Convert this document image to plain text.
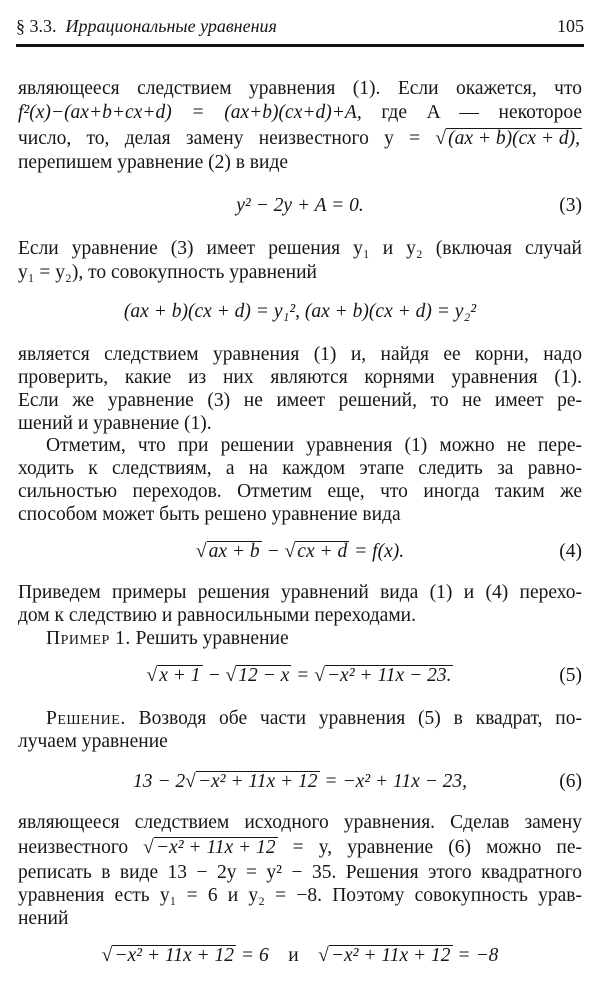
§ 3.3. Иррациональные уравнения	105
являющееся следствием уравнения (1). Если окажется, что
f²(x)−(ax+b+cx+d) = (ax+b)(cx+d)+A, где A — некоторое
число, то, делая замену неизвестного y = √ (ax + b)(cx + d),
перепишем уравнение (2) в виде
y² − 2y + A = 0.	(3)
Если уравнение (3) имеет решения y₁ и y₂ (включая случай
y₁ = y₂), то совокупность уравнений
(ax + b)(cx + d) = y₁², (ax + b)(cx + d) = y₂²
является следствием уравнения (1) и, найдя ее корни, надо
проверить, какие из них являются корнями уравнения (1).
Если же уравнение (3) не имеет решений, то не имеет ре-
шений и уравнение (1).
Отметим, что при решении уравнения (1) можно не пере-
ходить к следствиям, а на каждом этапе следить за равно-
сильностью переходов. Отметим еще, что иногда таким же
способом может быть решено уравнение вида
√ ax + b − √ cx + d = f(x).	(4)
Приведем примеры решения уравнений вида (1) и (4) перехо-
дом к следствию и равносильными переходами.
Пример 1. Решить уравнение
√ x + 1 − √ 12 − x = √ −x² + 11x − 23.	(5)
Решение. Возводя обе части уравнения (5) в квадрат, по-
лучаем уравнение
13 − 2√ −x² + 11x + 12 = −x² + 11x − 23,	(6)
являющееся следствием исходного уравнения. Сделав замену
неизвестного √ −x² + 11x + 12 = y, уравнение (6) можно пе-
реписать в виде 13 − 2y = y² − 35. Решения этого квадратного
уравнения есть y₁ = 6 и y₂ = −8. Поэтому совокупность урав-
нений
√ −x² + 11x + 12 = 6 и    √ −x² + 11x + 12 = −8
